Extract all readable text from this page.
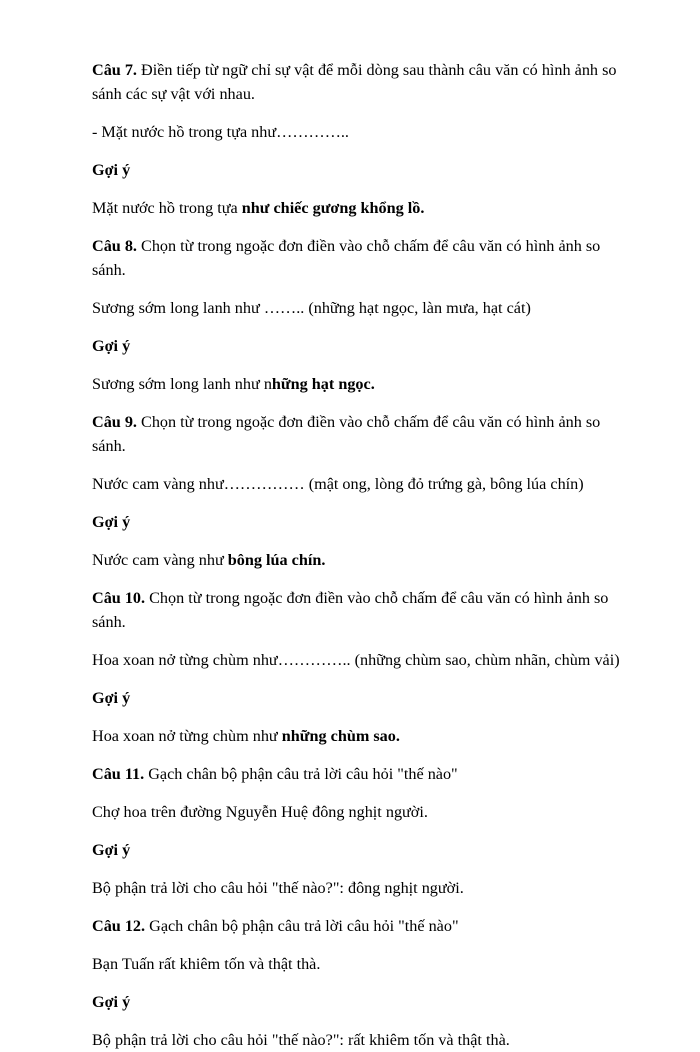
Câu 7. Điền tiếp từ ngữ chỉ sự vật để mỗi dòng sau thành câu văn có hình ảnh so sánh các sự vật với nhau.

- Mặt nước hồ trong tựa như…………..

Gợi ý

Mặt nước hồ trong tựa như chiếc gương khổng lồ.

Câu 8. Chọn từ trong ngoặc đơn điền vào chỗ chấm để câu văn có hình ảnh so sánh.

Sương sớm long lanh như …….. (những hạt ngọc, làn mưa, hạt cát)

Gợi ý

Sương sớm long lanh như những hạt ngọc.

Câu 9. Chọn từ trong ngoặc đơn điền vào chỗ chấm để câu văn có hình ảnh so sánh.

Nước cam vàng như…………… (mật ong, lòng đỏ trứng gà, bông lúa chín)

Gợi ý

Nước cam vàng như bông lúa chín.

Câu 10. Chọn từ trong ngoặc đơn điền vào chỗ chấm để câu văn có hình ảnh so sánh.

Hoa xoan nở từng chùm như………….. (những chùm sao, chùm nhãn, chùm vải)

Gợi ý

Hoa xoan nở từng chùm như những chùm sao.

Câu 11. Gạch chân bộ phận câu trả lời câu hỏi "thế nào"

Chợ hoa trên đường Nguyễn Huệ đông nghịt người.

Gợi ý

Bộ phận trả lời cho câu hỏi "thế nào?": đông nghịt người.

Câu 12. Gạch chân bộ phận câu trả lời câu hỏi "thế nào"

Bạn Tuấn rất khiêm tốn và thật thà.

Gợi ý

Bộ phận trả lời cho câu hỏi "thế nào?": rất khiêm tốn và thật thà.
